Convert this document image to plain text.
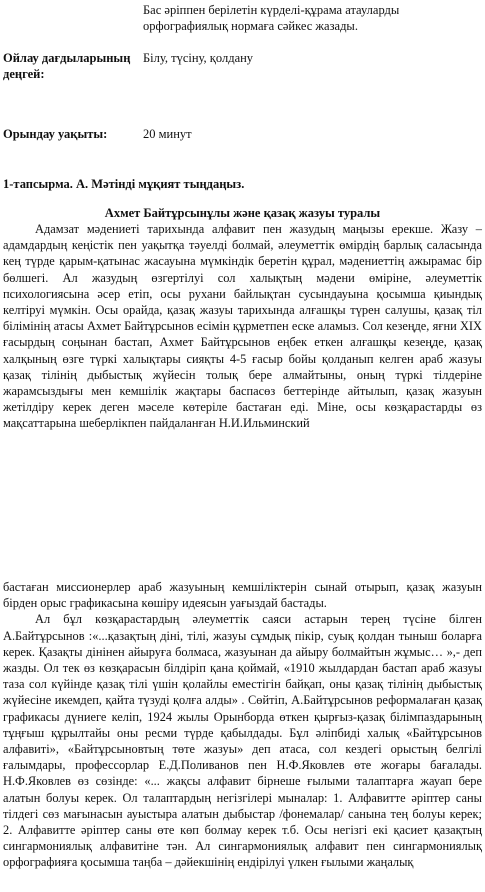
Бас әріппен берілетін күрделі-құрама атауларды орфографиялық нормаға сәйкес жазады.
Ойлау дағдыларының деңгей:
Білу, түсіну, қолдану
Орындау уақыты:	20 минут
1-тапсырма. А. Мәтінді мұқият тыңдаңыз.
Ахмет Байтұрсынұлы және қазақ жазуы туралы
Адамзат мәдениеті тарихында алфавит пен жазудың маңызы ерекше. Жазу – адамдардың кеңістік пен уақытқа тәуелді болмай, әлеуметтік өмірдің барлық саласында кең түрде қарым-қатынас жасауына мүмкіндік беретін құрал, мәдениеттің ажырамас бір бөлшегі. Ал жазудың өзгертілуі сол халықтың мәдени өміріне, әлеуметтік психологиясына әсер етіп, осы рухани байлықтан сусындауына қосымша қиындық келтіруі мүмкін. Осы орайда, қазақ жазуы тарихында алғашқы түрен салушы, қазақ тіл білімінің атасы Ахмет Байтұрсынов есімін құрметпен еске аламыз. Сол кезеңде, яғни XIX ғасырдың соңынан бастап, Ахмет Байтұрсынов еңбек еткен алғашқы кезеңде, қазақ халқының өзге түркі халықтары сияқты 4-5 ғасыр бойы қолданып келген араб жазуы қазақ тілінің дыбыстық жүйесін толық бере алмайтыны, оның түркі тілдеріне жарамсыздығы мен кемшілік жақтары баспасөз беттерінде айтылып, қазақ жазуын жетілдіру керек деген мәселе көтеріле бастаған еді. Міне, осы көзқарастарды өз мақсаттарына шеберлікпен пайдаланған Н.И.Ильминский

бастаған миссионерлер араб жазуының кемшіліктерін сынай отырып, қазақ жазуын бірден орыс графикасына көшіру идеясын уағыздай бастады.

Ал бұл көзқарастардың әлеуметтік саяси астарын терең түсіне білген А.Байтұрсынов :«...қазақтың діні, тілі, жазуы сұмдық пікір, суық қолдан тыныш боларға керек. Қазақты дінінен айыруға болмаса, жазуынан да айыру болмайтын жұмыс… »,- деп жазды. Ол тек өз көзқарасын білдіріп қана қоймай, «1910 жылдардан бастап араб жазуы таза сол күйінде қазақ тілі үшін қолайлы еместігін байқап, оны қазақ тілінің дыбыстық жүйесіне икемдеп, қайта түзуді қолға алды» . Сөйтіп, А.Байтұрсынов реформалаған қазақ графикасы дүниеге келіп, 1924 жылы Орынборда өткен қырғыз-қазақ білімпаздарының тұңғыш құрылтайы оны ресми түрде қабылдады. Бұл әліпбиді халық «Байтұрсынов алфавиті», «Байтұрсыновтың төте жазуы» деп атаса, сол кездегі орыстың белгілі ғалымдары, профессорлар Е.Д.Поливанов пен Н.Ф.Яковлев өте жоғары бағалады. Н.Ф.Яковлев өз сөзінде: «... жақсы алфавит бірнеше ғылыми талаптарға жауап бере алатын болуы керек. Ол талаптардың негізгілері мыналар: 1. Алфавитте әріптер саны тілдегі сөз мағынасын ауыстыра алатын дыбыстар /фонемалар/ санына тең болуы керек; 2. Алфавитте әріптер саны өте көп болмау керек т.б. Осы негізгі екі қасиет қазақтың сингармониялық алфавитіне тән. Ал сингармониялық алфавит пен сингармониялық орфографияға қосымша таңба – дәйекшінің ендірілуі үлкен ғылыми жаңалық
